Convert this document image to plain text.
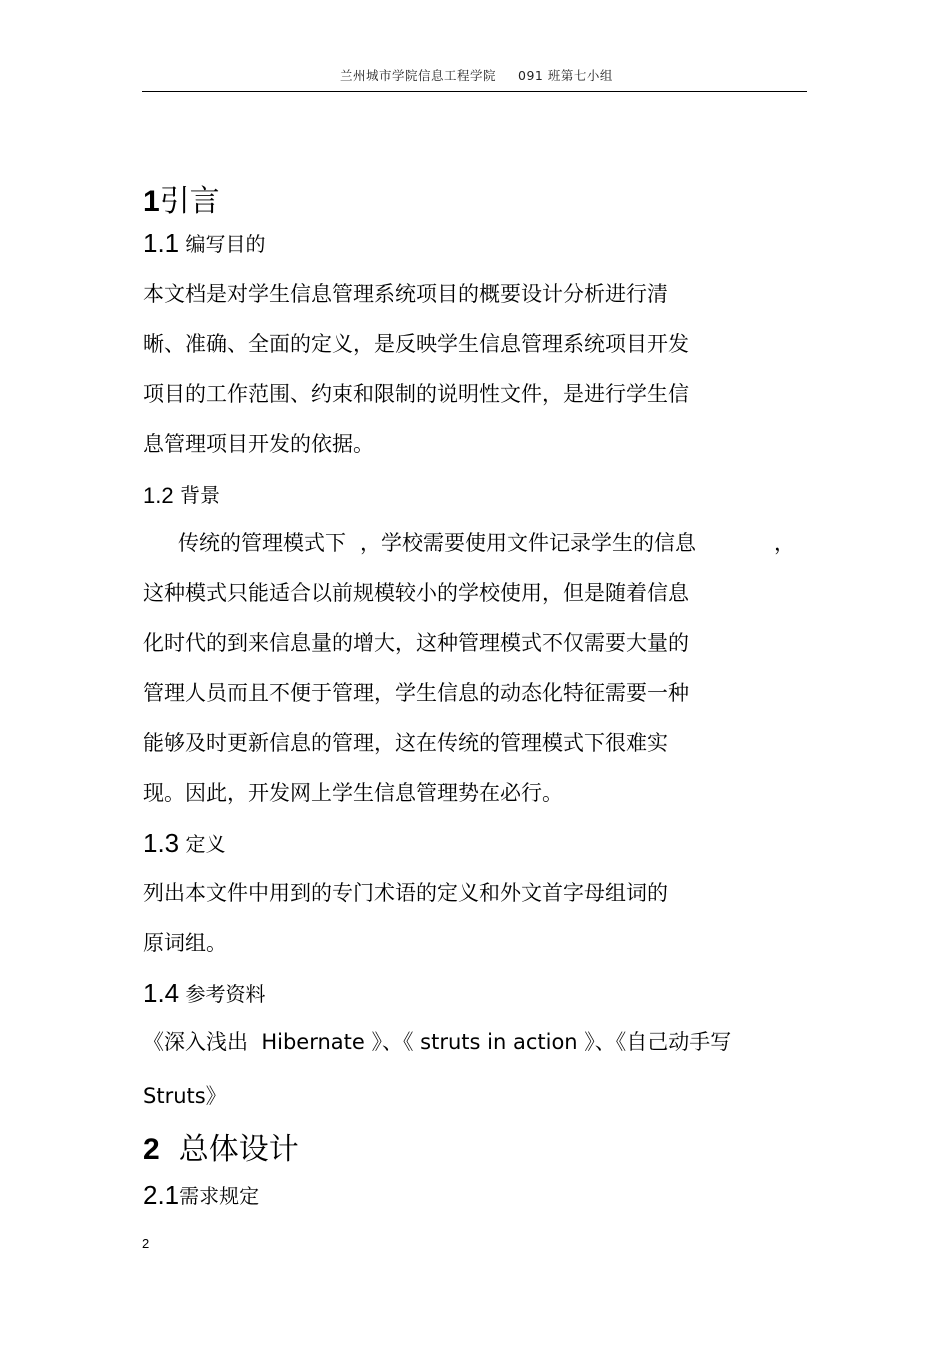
兰州城市学院信息工程学院 091 班第七小组
1引言
1.1 编写目的
本文档是对学生信息管理系统项目的概要设计分析进行清
晰、准确、全面的定义，是反映学生信息管理系统项目开发
项目的工作范围、约束和限制的说明性文件，是进行学生信
息管理项目开发的依据。
1.2 背景
传统的管理模式下 ，学校需要使用文件记录学生的信息	，
这种模式只能适合以前规模较小的学校使用，但是随着信息
化时代的到来信息量的增大，这种管理模式不仅需要大量的
管理人员而且不便于管理，学生信息的动态化特征需要一种
能够及时更新信息的管理，这在传统的管理模式下很难实
现。因此，开发网上学生信息管理势在必行。
1.3 定义
列出本文件中用到的专门术语的定义和外文首字母组词的
原词组。
1.4 参考资料
《深入浅出  Hibernate 》、《 struts in action 》、《自己动手写
Struts》
2 总体设计
2.1需求规定
2
